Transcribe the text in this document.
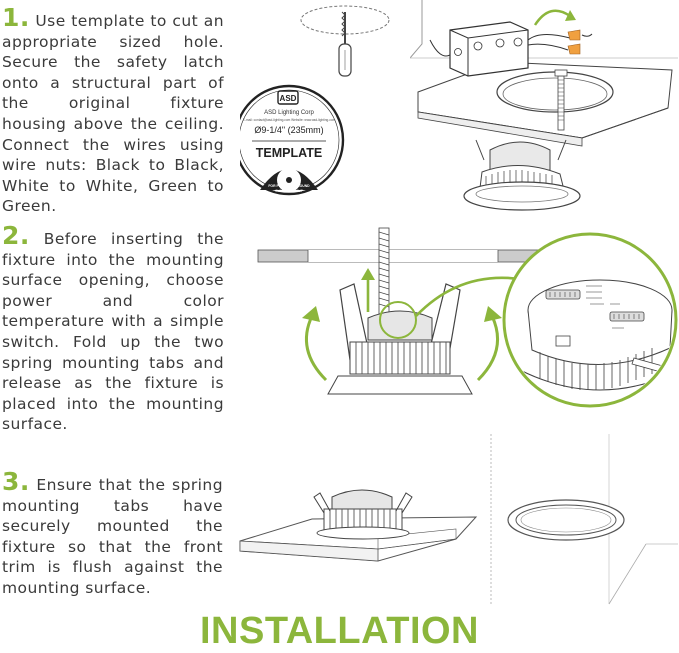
1. Use template to cut an appropriate sized hole. Secure the safety latch onto a structural part of the original fixture housing above the ceiling. Connect the wires using wire nuts: Black to Black, White to White, Green to Green.
2. Before inserting the fixture into the mounting surface opening, choose power and color temperature with a simple switch. Fold up the two spring mounting tabs and release as the fixture is placed into the mounting surface.
3. Ensure that the spring mounting tabs have securely mounted the fixture so that the front trim is flush against the mounting surface.
ASD
ASD Lighting Corp
E-mail: contact@asd-lighting.com Website: www.asd-lighting.com
Ø9-1/4" (235mm)
TEMPLATE
FOR PERFECTLY ROUND
CLEAN HOLE CUT
INSTALLATION
